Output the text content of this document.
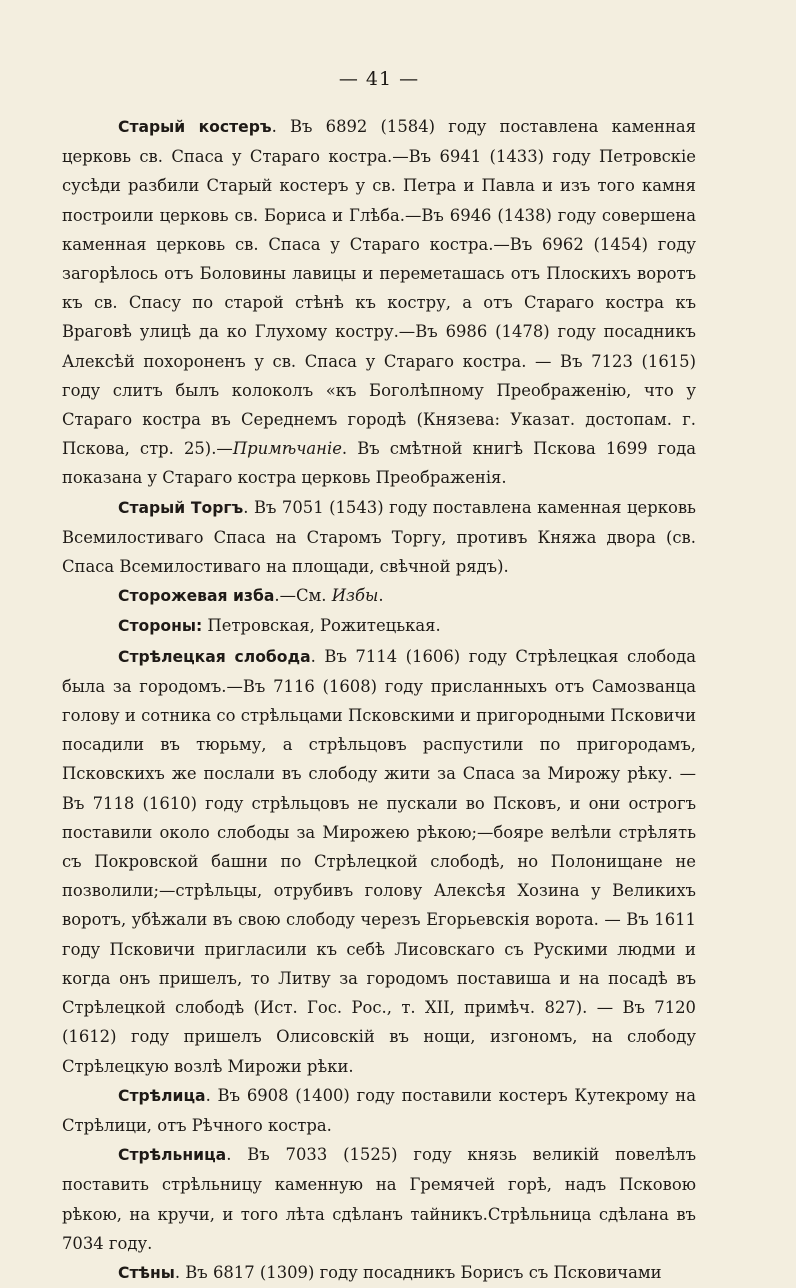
— 41 —

Старый костеръ. Въ 6892 (1584) году поставлена каменная церковь св. Спаса у Стараго костра.—Въ 6941 (1433) году Петровскіе сусѣди разбили Старый костеръ у св. Петра и Павла и изъ того камня построили церковь св. Бориса и Глѣба.—Въ 6946 (1438) году совершена каменная церковь св. Спаса у Стараго костра.—Въ 6962 (1454) году загорѣлось отъ Боловины лавицы и переметашась отъ Плоскихъ воротъ къ св. Спасу по старой стѣнѣ къ костру, а отъ Стараго костра къ Враговѣ улицѣ да ко Глухому костру.—Въ 6986 (1478) году посадникъ Алексѣй похороненъ у св. Спаса у Стараго костра. — Въ 7123 (1615) году слитъ былъ колоколъ «къ Боголѣпному Преображенію, что у Стараго костра въ Середнемъ городѣ (Князева: Указат. достопам. г. Пскова, стр. 25).—Примѣчаніе. Въ смѣтной книгѣ Пскова 1699 года показана у Стараго костра церковь Преображенія.

Старый Торгъ. Въ 7051 (1543) году поставлена каменная церковь Всемилостиваго Спаса на Старомъ Торгу, противъ Княжа двора (св. Спаса Всемилостиваго на площади, свѣчной рядъ).

Сторожевая изба.—См. Избы.

Стороны: Петровская, Рожитецькая.

Стрѣлецкая слобода. Въ 7114 (1606) году Стрѣлецкая слобода была за городомъ.—Въ 7116 (1608) году присланныхъ отъ Самозванца голову и сотника со стрѣльцами Псковскими и пригородными Псковичи посадили въ тюрьму, а стрѣльцовъ распустили по пригородамъ, Псковскихъ же послали въ слободу жити за Спаса за Мирожу рѣку. — Въ 7118 (1610) году стрѣльцовъ не пускали во Псковъ, и они острогъ поставили около слободы за Мирожею рѣкою;—бояре велѣли стрѣлять съ Покровской башни по Стрѣлецкой слободѣ, но Полонищане не позволили;—стрѣльцы, отрубивъ голову Алексѣя Хозина у Великихъ воротъ, убѣжали въ свою слободу черезъ Егорьевскія ворота. — Въ 1611 году Псковичи пригласили къ себѣ Лисовскаго съ Рускими людми и когда онъ пришелъ, то Литву за городомъ поставиша и на посадѣ въ Стрѣлецкой слободѣ (Ист. Гос. Рос., т. XII, примѣч. 827). — Въ 7120 (1612) году пришелъ Олисовскій въ нощи, изгономъ, на слободу Стрѣлецкую возлѣ Мирожи рѣки.

Стрѣлица. Въ 6908 (1400) году поставили костеръ Кутекрому на Стрѣлици, отъ Рѣчного костра.

Стрѣльница. Въ 7033 (1525) году князь великій повелѣлъ поставить стрѣльницу каменную на Гремячей горѣ, надъ Псковою рѣкою, на кручи, и того лѣта сдѣланъ тайникъ.Стрѣльница сдѣлана въ 7034 году.

Стѣны. Въ 6817 (1309) году посадникъ Борисъ съ Псковичами
